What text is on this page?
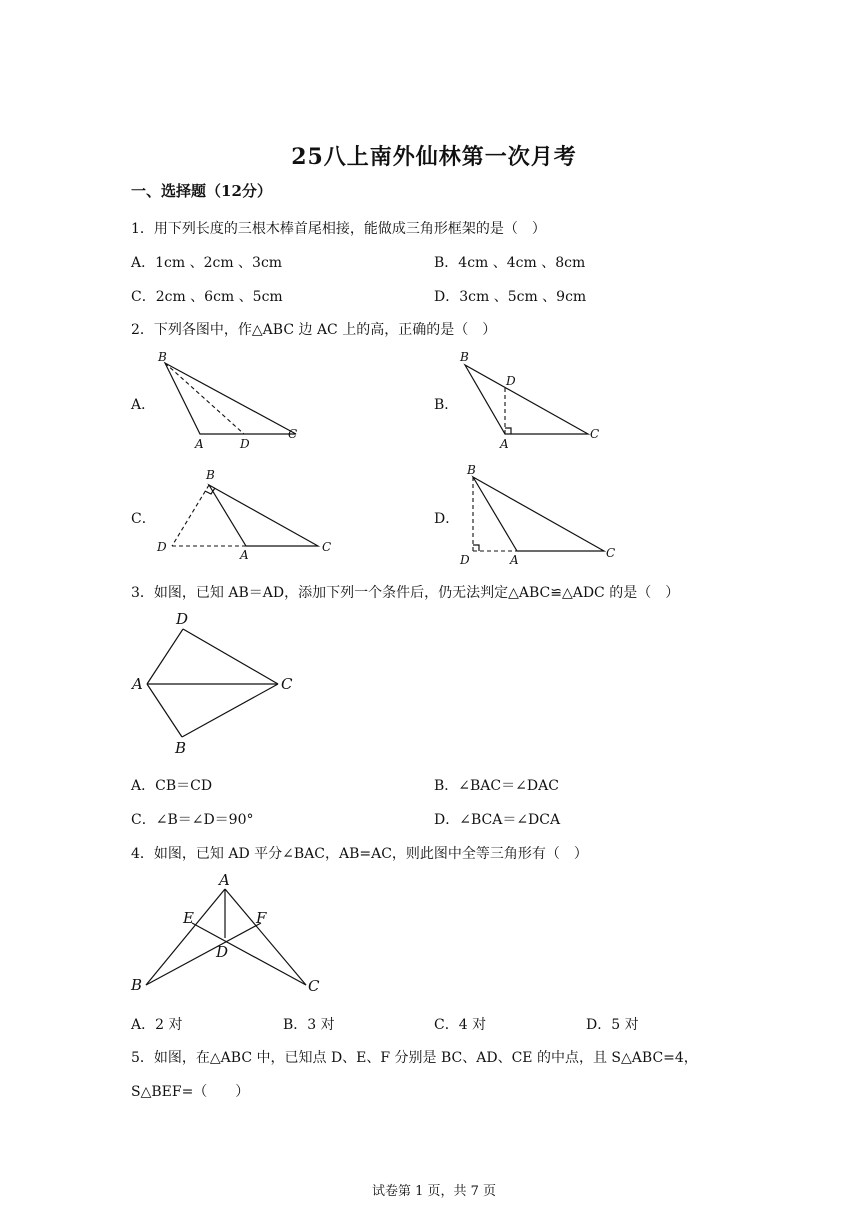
25八上南外仙林第一次月考
一、选择题（12分）
1．用下列长度的三根木棒首尾相接，能做成三角形框架的是（　）
A．1cm 、2cm 、3cm	B．4cm 、4cm 、8cm
C．2cm 、6cm 、5cm	D．3cm 、5cm 、9cm
2．下列各图中，作△ABC 边 AC 上的高，正确的是（　）
A．	B．
C．	D．
B
A	D
C
B
D
A
C
B
D
A
C
B
D	A	C
3．如图，已知 AB＝AD，添加下列一个条件后，仍无法判定△ABC≌△ADC 的是（　）
D
A	C
B
A．CB＝CD	B．∠BAC＝∠DAC
C．∠B＝∠D＝90°	D．∠BCA＝∠DCA
4．如图，已知 AD 平分∠BAC，AB=AC，则此图中全等三角形有（　）
A
E	F
D
B	C
A．2 对	B．3 对	C．4 对	D．5 对
5．如图，在△ABC 中，已知点 D、E、F 分别是 BC、AD、CE 的中点，且 S△ABC=4，
S△BEF=（　　）
试卷第 1 页，共 7 页
